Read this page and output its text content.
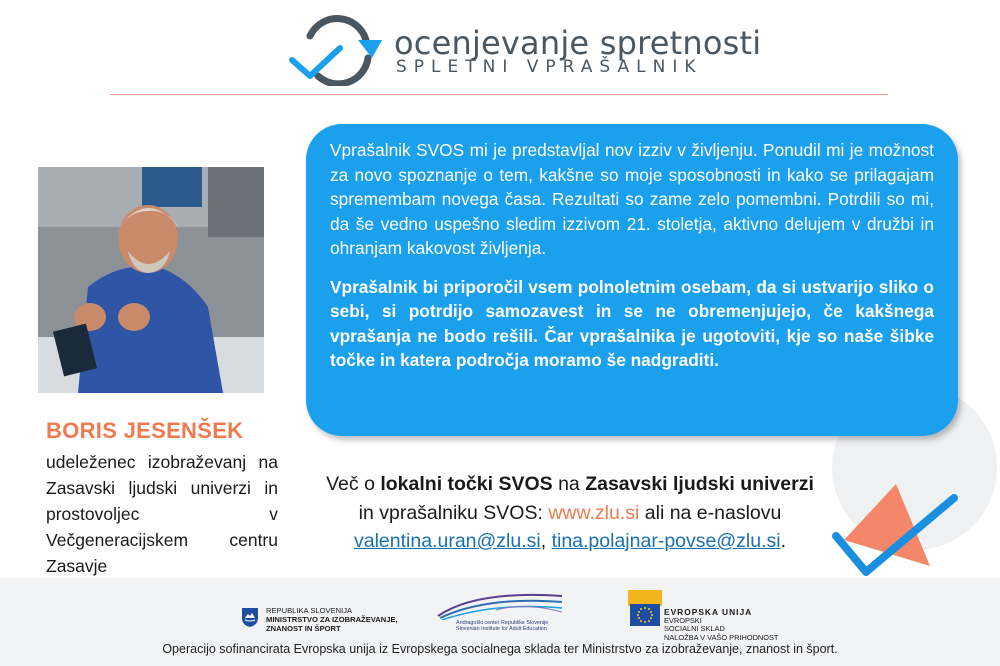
ocenjevanje spretnosti
SPLETNI VPRAŠALNIK
BORIS JESENŠEK
udeleženec izobraževanj na Zasavski ljudski univerzi in prostovoljec v Večgeneracijskem centru Zasavje

Vprašalnik SVOS mi je predstavljal nov izziv v življenju. Ponudil mi je možnost za novo spoznanje o tem, kakšne so moje sposobnosti in kako se prilagajam spremembam novega časa. Rezultati so zame zelo pomembni. Potrdili so mi, da še vedno uspešno sledim izzivom 21. stoletja, aktivno delujem v družbi in ohranjam kakovost življenja.

Vprašalnik bi priporočil vsem polnoletnim osebam, da si ustvarijo sliko o sebi, si potrdijo samozavest in se ne obremenjujejo, če kakšnega vprašanja ne bodo rešili. Čar vprašalnika je ugotoviti, kje so naše šibke točke in katera področja moramo še nadgraditi.

Več o lokalni točki SVOS na Zasavski ljudski univerzi
in vprašalniku SVOS: www.zlu.si ali na e-naslovu
valentina.uran@zlu.si, tina.polajnar-povse@zlu.si.
REPUBLIKA SLOVENIJA
MINISTRSTVO ZA IZOBRAŽEVANJE,
ZNANOST IN ŠPORT
Andragoški center Republike Slovenije
Slovenian Institute for Adult Education
EVROPSKA UNIJA
EVROPSKI
SOCIALNI SKLAD
NALOŽBA V VAŠO PRIHODNOST
Operacijo sofinancirata Evropska unija iz Evropskega socialnega sklada ter Ministrstvo za izobraževanje, znanost in šport.
